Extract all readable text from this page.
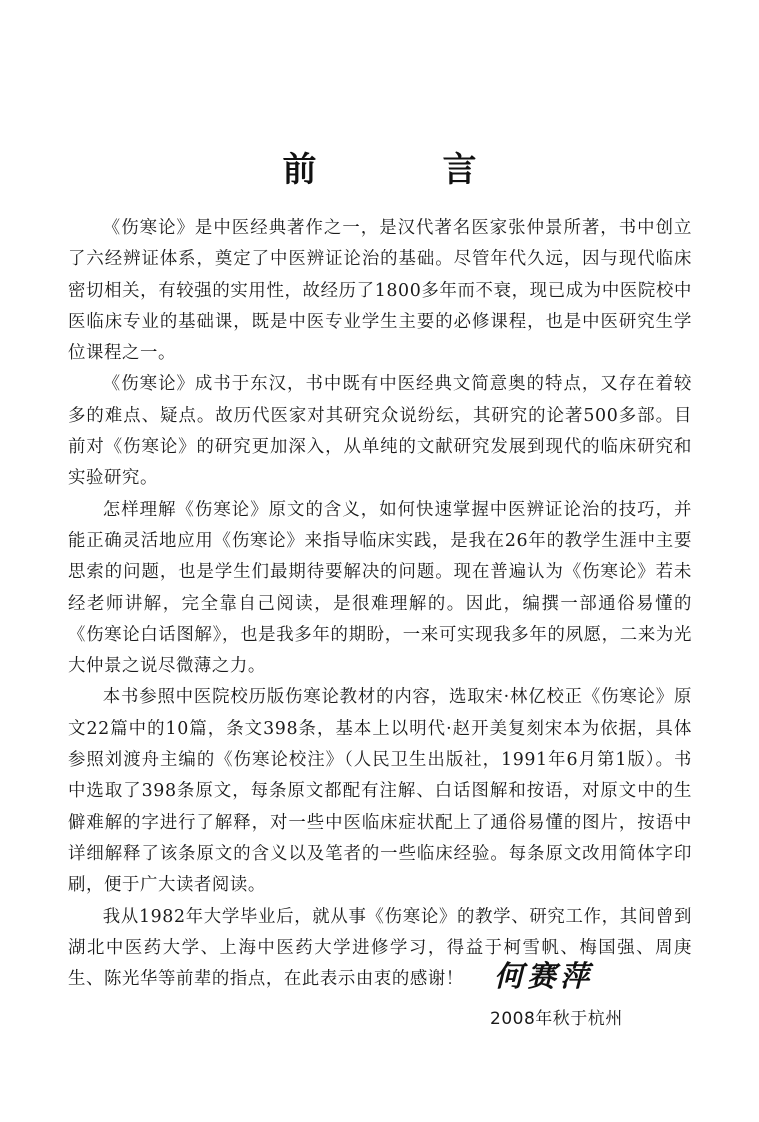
前　言

《伤寒论》是中医经典著作之一，是汉代著名医家张仲景所著，书中创立了六经辨证体系，奠定了中医辨证论治的基础。尽管年代久远，因与现代临床密切相关，有较强的实用性，故经历了1800多年而不衰，现已成为中医院校中医临床专业的基础课，既是中医专业学生主要的必修课程，也是中医研究生学位课程之一。

《伤寒论》成书于东汉，书中既有中医经典文简意奥的特点，又存在着较多的难点、疑点。故历代医家对其研究众说纷纭，其研究的论著500多部。目前对《伤寒论》的研究更加深入，从单纯的文献研究发展到现代的临床研究和实验研究。

怎样理解《伤寒论》原文的含义，如何快速掌握中医辨证论治的技巧，并能正确灵活地应用《伤寒论》来指导临床实践，是我在26年的教学生涯中主要思索的问题，也是学生们最期待要解决的问题。现在普遍认为《伤寒论》若未经老师讲解，完全靠自己阅读，是很难理解的。因此，编撰一部通俗易懂的《伤寒论白话图解》，也是我多年的期盼，一来可实现我多年的夙愿，二来为光大仲景之说尽微薄之力。

本书参照中医院校历版伤寒论教材的内容，选取宋·林亿校正《伤寒论》原文22篇中的10篇，条文398条，基本上以明代·赵开美复刻宋本为依据，具体参照刘渡舟主编的《伤寒论校注》（人民卫生出版社，1991年6月第1版）。书中选取了398条原文，每条原文都配有注解、白话图解和按语，对原文中的生僻难解的字进行了解释，对一些中医临床症状配上了通俗易懂的图片，按语中详细解释了该条原文的含义以及笔者的一些临床经验。每条原文改用简体字印刷，便于广大读者阅读。

我从1982年大学毕业后，就从事《伤寒论》的教学、研究工作，其间曾到湖北中医药大学、上海中医药大学进修学习，得益于柯雪帆、梅国强、周庚生、陈光华等前辈的指点，在此表示由衷的感谢！	何赛萍
2008年秋于杭州
